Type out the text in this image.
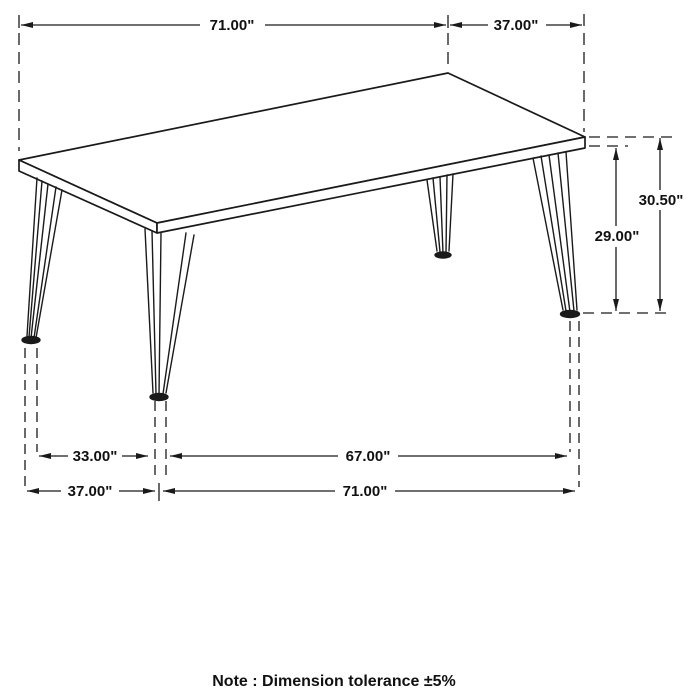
71.00"	37.00"
30.50"
29.00"
33.00"	67.00"
37.00"	71.00"
Note : Dimension tolerance ±5%
